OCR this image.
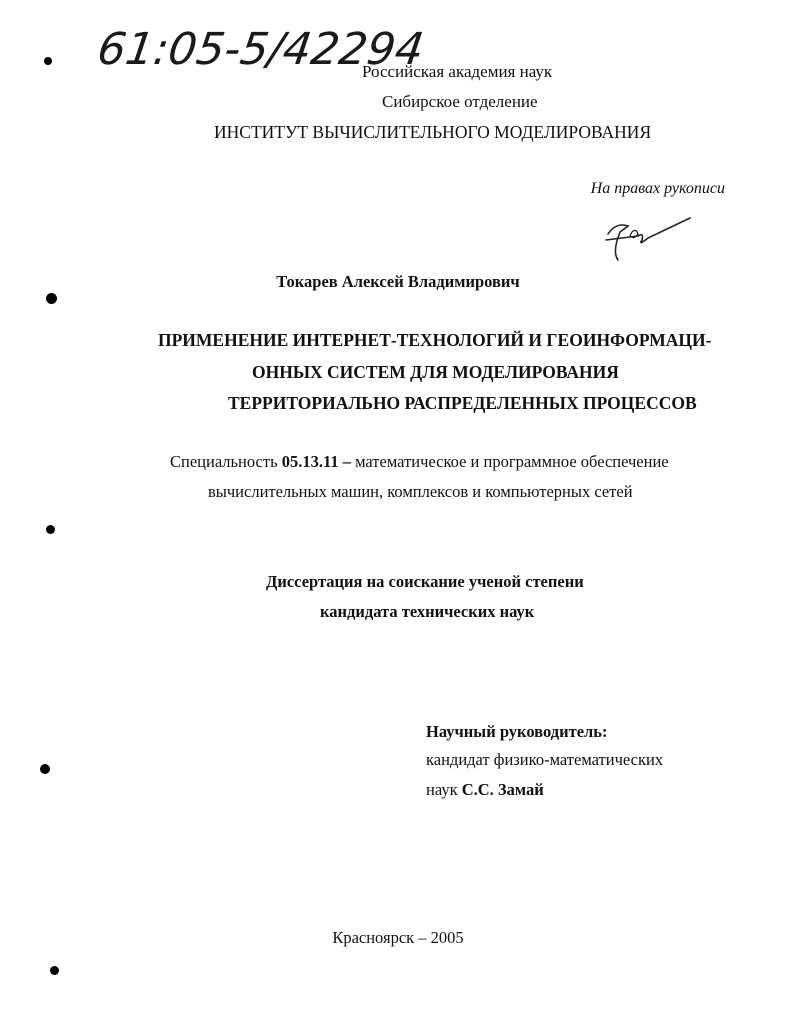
61:05-5/42294
Российская академия наук
Сибирское отделение
ИНСТИТУТ ВЫЧИСЛИТЕЛЬНОГО МОДЕЛИРОВАНИЯ
На правах рукописи
Токарев Алексей Владимирович
ПРИМЕНЕНИЕ ИНТЕРНЕТ-ТЕХНОЛОГИЙ И ГЕОИНФОРМАЦИ-
ОННЫХ СИСТЕМ ДЛЯ МОДЕЛИРОВАНИЯ
ТЕРРИТОРИАЛЬНО РАСПРЕДЕЛЕННЫХ ПРОЦЕССОВ
Специальность 05.13.11 – математическое и программное обеспечение
вычислительных машин, комплексов и компьютерных сетей
Диссертация на соискание ученой степени
кандидата технических наук
Научный руководитель:
кандидат физико-математических
наук С.С. Замай
Красноярск – 2005
